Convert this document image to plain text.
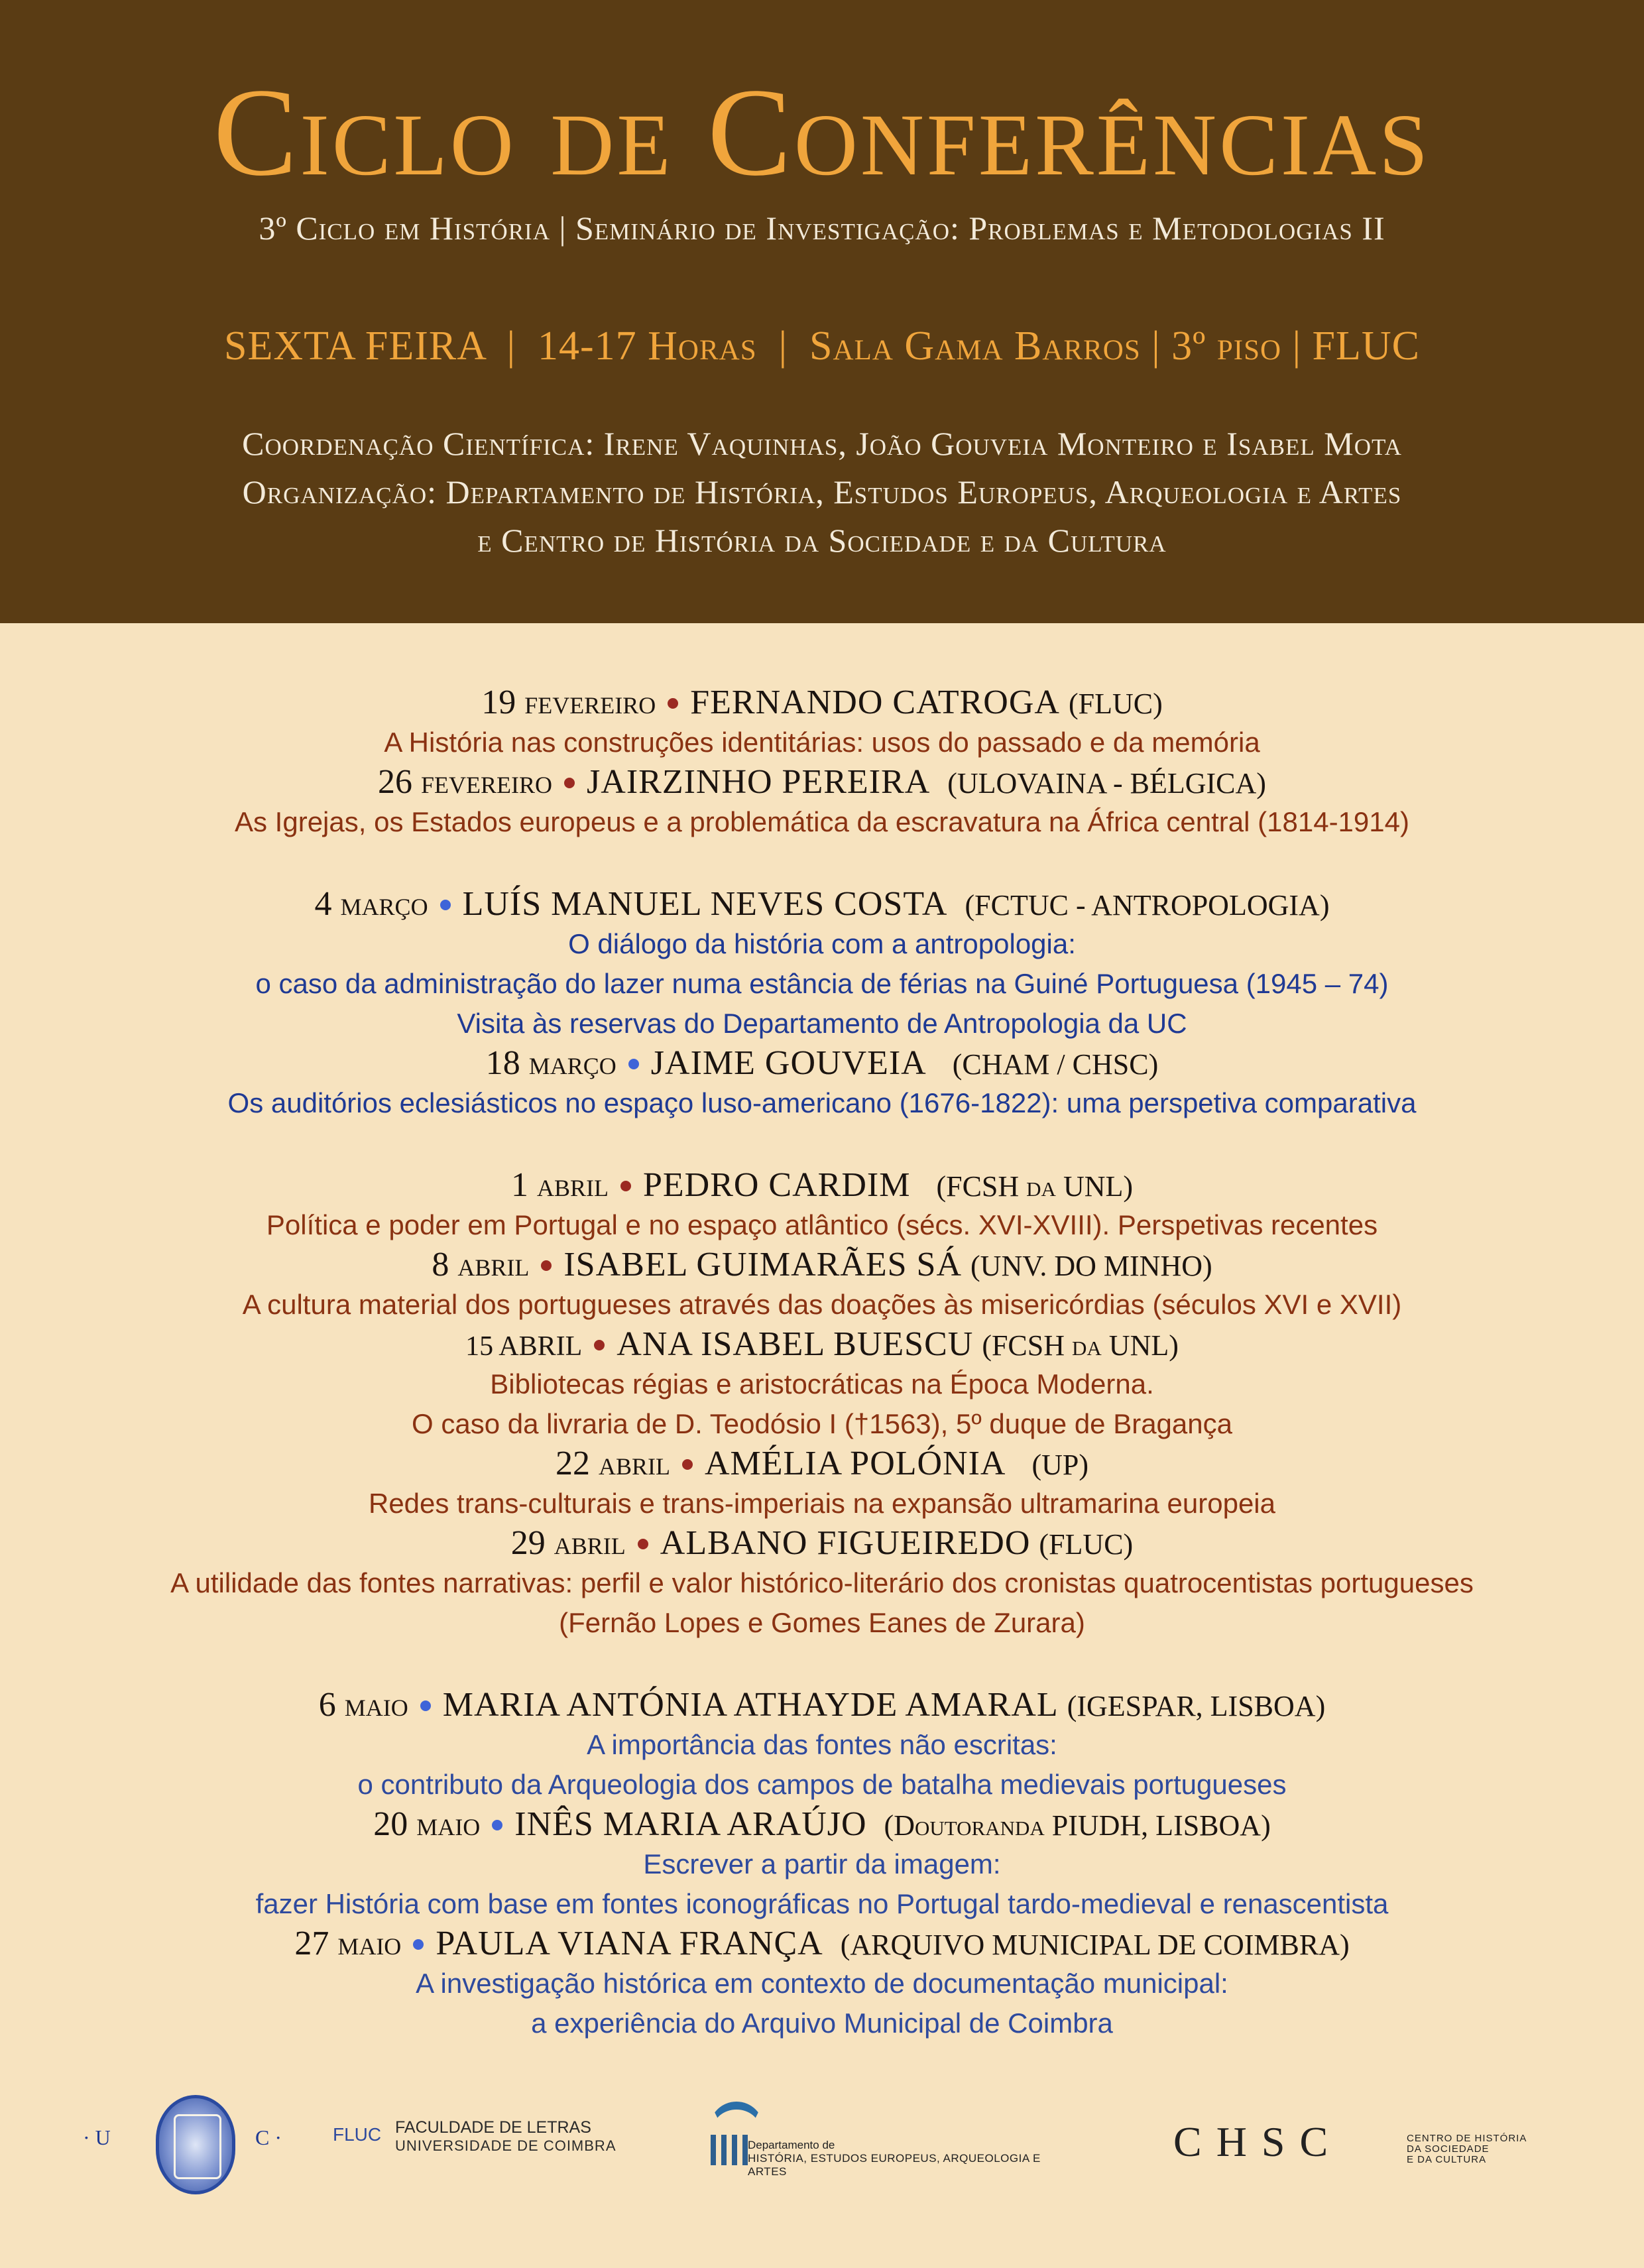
Ciclo de Conferências
3º Ciclo em História | Seminário de Investigação: Problemas e Metodologias II
SEXTA FEIRA  |  14-17 Horas  |  Sala Gama Barros | 3º piso | FLUC
Coordenação Científica: Irene Vaquinhas, João Gouveia Monteiro e Isabel Mota
Organização: Departamento de História, Estudos Europeus, Arqueologia e Artes
e Centro de História da Sociedade e da Cultura
19 fevereiro FERNANDO CATROGA (FLUC)
A História nas construções identitárias: usos do passado e da memória
26 fevereiro JAIRZINHO PEREIRA (ULOVAINA - BÉLGICA)
As Igrejas, os Estados europeus e a problemática da escravatura na África central (1814-1914)
4 março LUÍS MANUEL NEVES COSTA (FCTUC - ANTROPOLOGIA)
O diálogo da história com a antropologia:
o caso da administração do lazer numa estância de férias na Guiné Portuguesa (1945 – 74)
Visita às reservas do Departamento de Antropologia da UC
18 março JAIME GOUVEIA (CHAM / CHSC)
Os auditórios eclesiásticos no espaço luso-americano (1676-1822): uma perspetiva comparativa
1 abril PEDRO CARDIM (FCSH da UNL)
Política e poder em Portugal e no espaço atlântico (sécs. XVI-XVIII). Perspetivas recentes
8 abril ISABEL GUIMARÃES SÁ (UNV. DO MINHO)
A cultura material dos portugueses através das doações às misericórdias (séculos XVI e XVII)
15 ABRIL ANA ISABEL BUESCU (FCSH da UNL)
Bibliotecas régias e aristocráticas na Época Moderna.
O caso da livraria de D. Teodósio I (†1563), 5º duque de Bragança
22 abril AMÉLIA POLÓNIA (UP)
Redes trans-culturais e trans-imperiais na expansão ultramarina europeia
29 abril ALBANO FIGUEIREDO (FLUC)
A utilidade das fontes narrativas: perfil e valor histórico-literário dos cronistas quatrocentistas portugueses
(Fernão Lopes e Gomes Eanes de Zurara)
6 maio MARIA ANTÓNIA ATHAYDE AMARAL (IGESPAR, LISBOA)
A importância das fontes não escritas:
o contributo da Arqueologia dos campos de batalha medievais portugueses
20 maio INÊS MARIA ARAÚJO (Doutoranda PIUDH, LISBOA)
Escrever a partir da imagem:
fazer História com base em fontes iconográficas no Portugal tardo-medieval e renascentista
27 maio PAULA VIANA FRANÇA (ARQUIVO MUNICIPAL DE COIMBRA)
A investigação histórica em contexto de documentação municipal:
a experiência do Arquivo Municipal de Coimbra
· U	C ·	FLUC FACULDADE DE LETRAS
UNIVERSIDADE DE COIMBRA	Departamento de
HISTÓRIA, ESTUDOS EUROPEUS, ARQUEOLOGIA E ARTES
CHSC	CENTRO DE HISTÓRIA
DA SOCIEDADE
E DA CULTURA
